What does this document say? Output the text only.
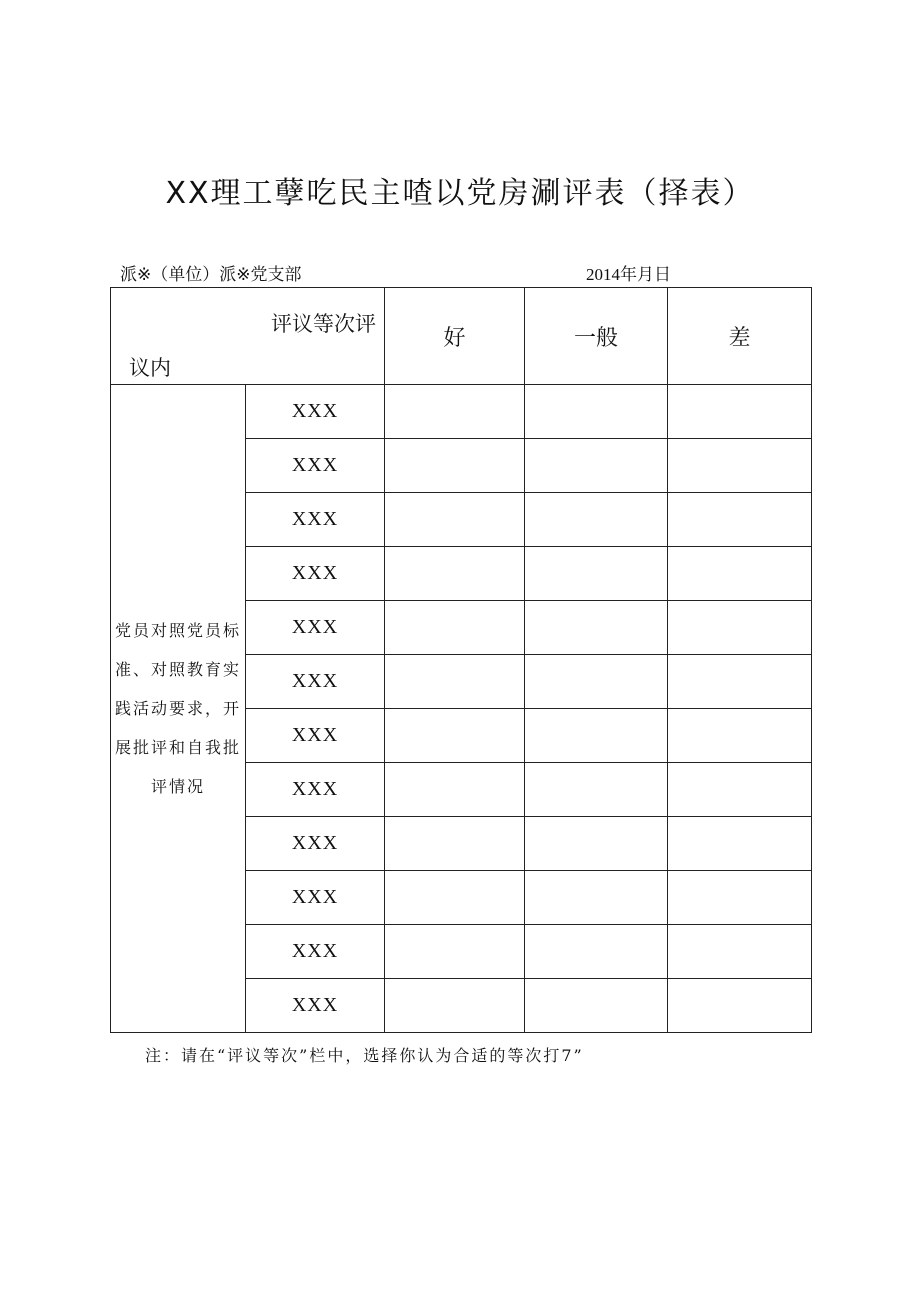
XX理工孽吃民主喳以党房涮评表（择表）
派※（单位）派※党支部	2014年月日
评议等次评
议内		好	一般	差
党员对照党员标准、对照教育实践活动要求，开展批评和自我批评情况	XXX			
	XXX			
	XXX			
	XXX			
	XXX			
	XXX			
	XXX			
	XXX			
	XXX			
	XXX			
	XXX			
	XXX			
注：请在“评议等次”栏中，选择你认为合适的等次打7”
